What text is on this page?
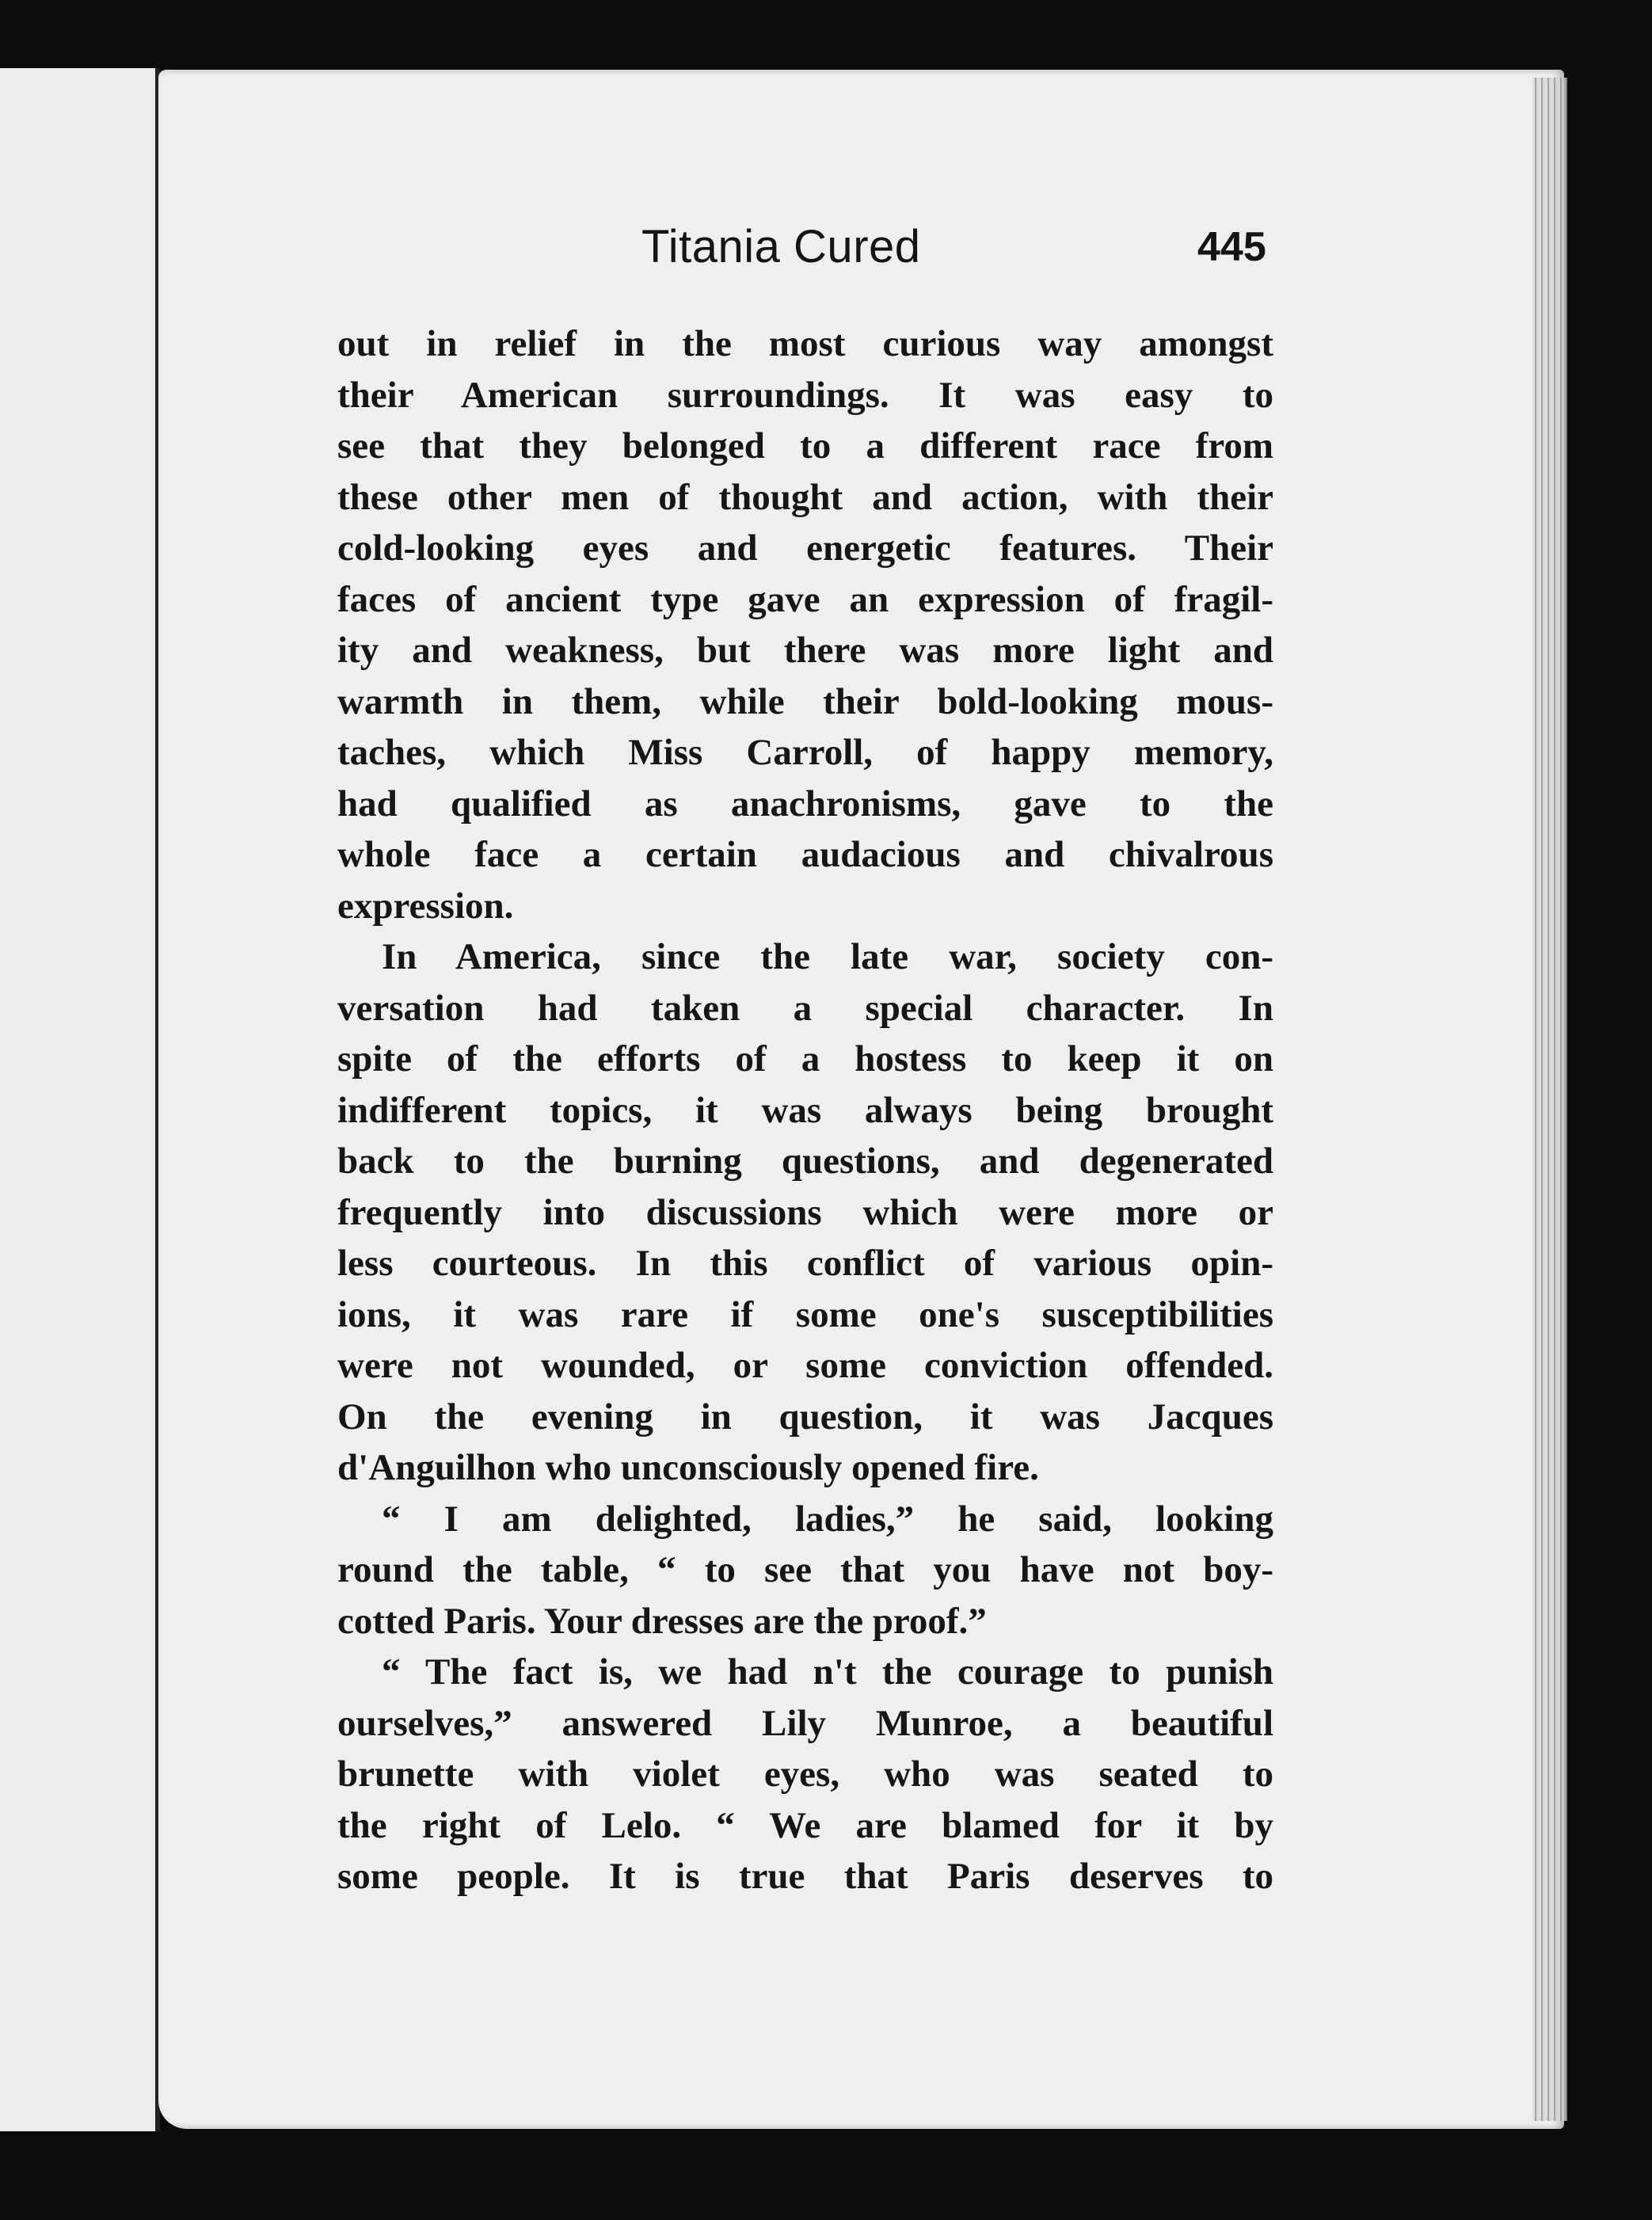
Titania Cured	445

out in relief in the most curious way amongst
their American surroundings. It was easy to
see that they belonged to a different race from
these other men of thought and action, with their
cold-looking eyes and energetic features. Their
faces of ancient type gave an expression of fragil-
ity and weakness, but there was more light and
warmth in them, while their bold-looking mous-
taches, which Miss Carroll, of happy memory,
had qualified as anachronisms, gave to the
whole face a certain audacious and chivalrous
expression.

In America, since the late war, society con-
versation had taken a special character. In
spite of the efforts of a hostess to keep it on
indifferent topics, it was always being brought
back to the burning questions, and degenerated
frequently into discussions which were more or
less courteous. In this conflict of various opin-
ions, it was rare if some one's susceptibilities
were not wounded, or some conviction offended.
On the evening in question, it was Jacques
d'Anguilhon who unconsciously opened fire.

“ I am delighted, ladies,” he said, looking
round the table, “ to see that you have not boy-
cotted Paris. Your dresses are the proof.”

“ The fact is, we had n't the courage to punish
ourselves,” answered Lily Munroe, a beautiful
brunette with violet eyes, who was seated to
the right of Lelo. “ We are blamed for it by
some people. It is true that Paris deserves to
